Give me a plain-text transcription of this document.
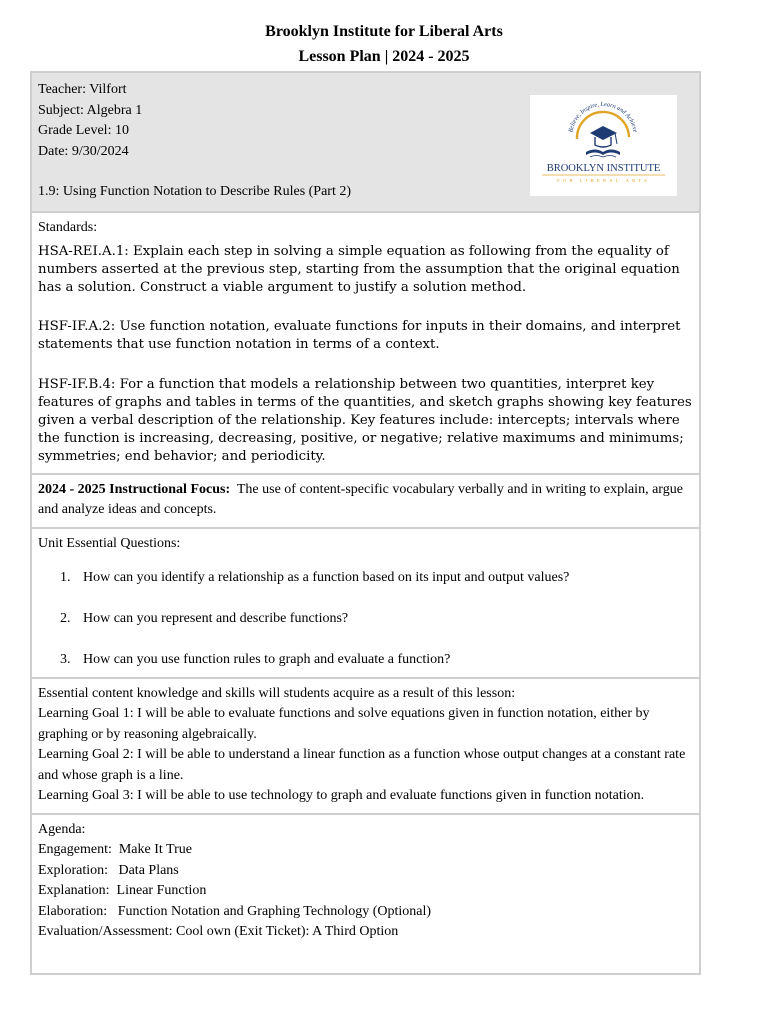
Brooklyn Institute for Liberal Arts
Lesson Plan | 2024 - 2025
Teacher: Vilfort
Subject: Algebra 1
Grade Level: 10
Date: 9/30/2024
1.9: Using Function Notation to Describe Rules (Part 2)
Believe, Inspire, Learn and Achieve
BROOKLYN INSTITUTE
FOR LIBERAL ARTS
Standards:

HSA-REI.A.1: Explain each step in solving a simple equation as following from the equality of numbers asserted at the previous step, starting from the assumption that the original equation has a solution. Construct a viable argument to justify a solution method.

HSF-IF.A.2: Use function notation, evaluate functions for inputs in their domains, and interpret statements that use function notation in terms of a context.

HSF-IF.B.4: For a function that models a relationship between two quantities, interpret key features of graphs and tables in terms of the quantities, and sketch graphs showing key features given a verbal description of the relationship. Key features include: intercepts; intervals where the function is increasing, decreasing, positive, or negative; relative maximums and minimums; symmetries; end behavior; and periodicity.

2024 - 2025 Instructional Focus: The use of content-specific vocabulary verbally and in writing to explain, argue and analyze ideas and concepts.
Unit Essential Questions:
1. How can you identify a relationship as a function based on its input and output values?
2. How can you represent and describe functions?
3. How can you use function rules to graph and evaluate a function?
Essential content knowledge and skills will students acquire as a result of this lesson:
Learning Goal 1: I will be able to evaluate functions and solve equations given in function notation, either by graphing or by reasoning algebraically.
Learning Goal 2: I will be able to understand a linear function as a function whose output changes at a constant rate and whose graph is a line.
Learning Goal 3: I will be able to use technology to graph and evaluate functions given in function notation.
Agenda:
Engagement:  Make It True
Exploration:   Data Plans
Explanation:  Linear Function
Elaboration:   Function Notation and Graphing Technology (Optional)
Evaluation/Assessment: Cool own (Exit Ticket): A Third Option
